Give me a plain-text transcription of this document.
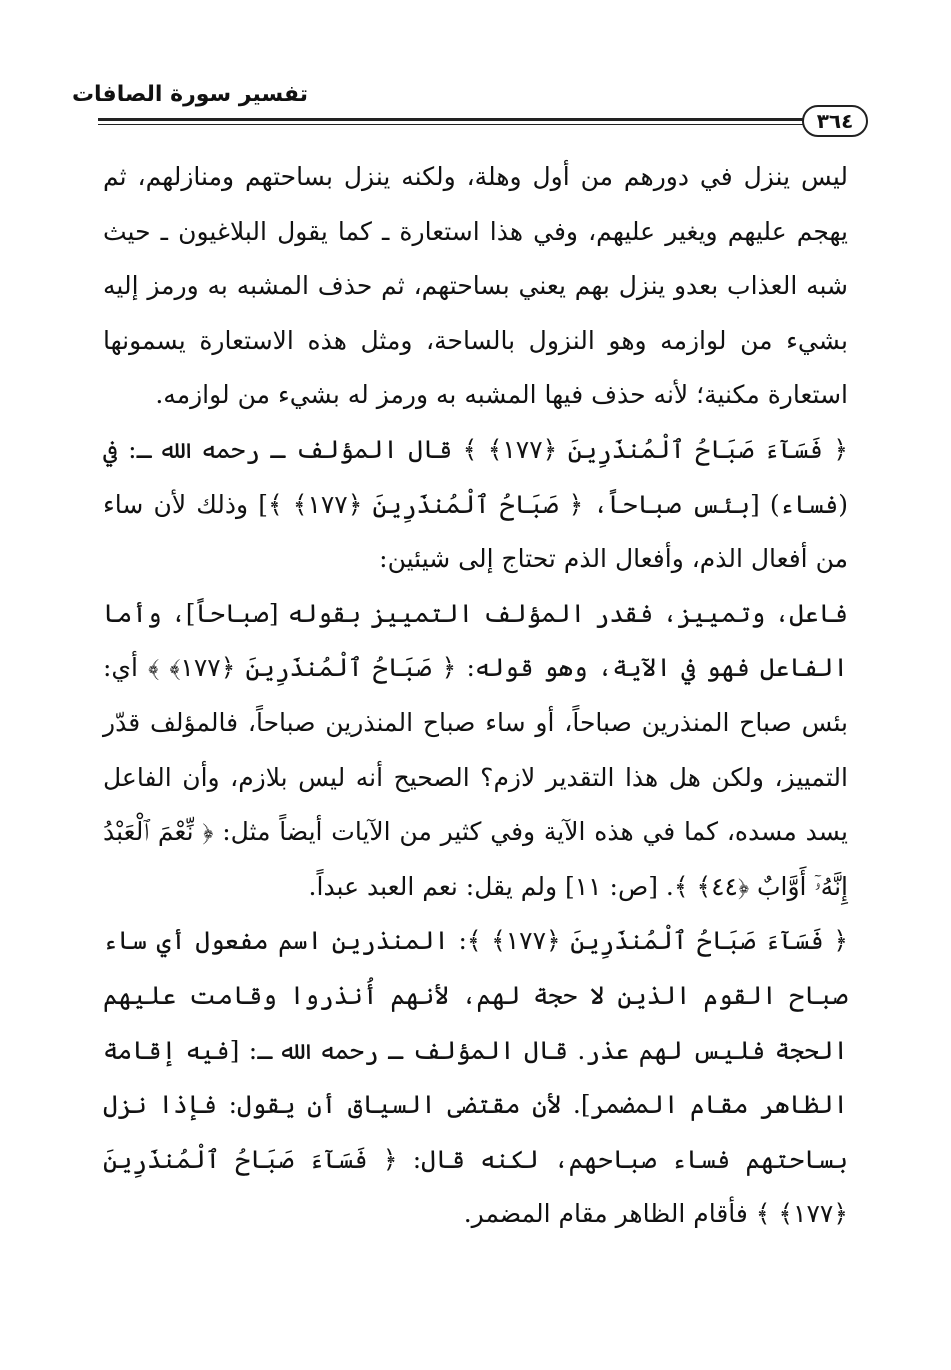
تفسير سورة الصافات
٣٦٤

ليس ينزل في دورهم من أول وهلة، ولكنه ينزل بساحتهم ومنازلهم، ثم يهجم عليهم ويغير عليهم، وفي هذا استعارة ـ كما يقول البلاغيون ـ حيث شبه العذاب بعدو ينزل بهم يعني بساحتهم، ثم حذف المشبه به ورمز إليه بشيء من لوازمه وهو النزول بالساحة، ومثل هذه الاستعارة يسمونها استعارة مكنية؛ لأنه حذف فيها المشبه به ورمز له بشيء من لوازمه.

﴿ فَسَآءَ صَبَاحُ ٱلْمُنذَرِينَ ﴿١٧٧﴾ ﴾ قال المؤلف ـ رحمه الله ـ: في (فساء) [بئس صباحاً، ﴿ صَبَاحُ ٱلْمُنذَرِينَ ﴿١٧٧﴾ ﴾] وذلك لأن ساء من أفعال الذم، وأفعال الذم تحتاج إلى شيئين:

فاعل، وتمييز، فقدر المؤلف التمييز بقوله [صباحاً]، وأما الفاعل فهو في الآية، وهو قوله: ﴿ صَبَاحُ ٱلْمُنذَرِينَ ﴿١٧٧﴾ ﴾ أي: بئس صباح المنذرين صباحاً، أو ساء صباح المنذرين صباحاً، فالمؤلف قدّر التمييز، ولكن هل هذا التقدير لازم؟ الصحيح أنه ليس بلازم، وأن الفاعل يسد مسده، كما في هذه الآية وفي كثير من الآيات أيضاً مثل: ﴿ نِّعْمَ ٱلْعَبْدُ إِنَّهُۥٓ أَوَّابٌ ﴿٤٤﴾ ﴾. [ص: ١١] ولم يقل: نعم العبد عبداً.

﴿ فَسَآءَ صَبَاحُ ٱلْمُنذَرِينَ ﴿١٧٧﴾ ﴾: المنذرين اسم مفعول أي ساء صباح القوم الذين لا حجة لهم، لأنهم أُنذروا وقامت عليهم الحجة فليس لهم عذر. قال المؤلف ـ رحمه الله ـ: [فيه إقامة الظاهر مقام المضمر]. لأن مقتضى السياق أن يقول: فإذا نزل بساحتهم فساء صباحهم، لكنه قال: ﴿ فَسَآءَ صَبَاحُ ٱلْمُنذَرِينَ ﴿١٧٧﴾ ﴾ فأقام الظاهر مقام المضمر.
